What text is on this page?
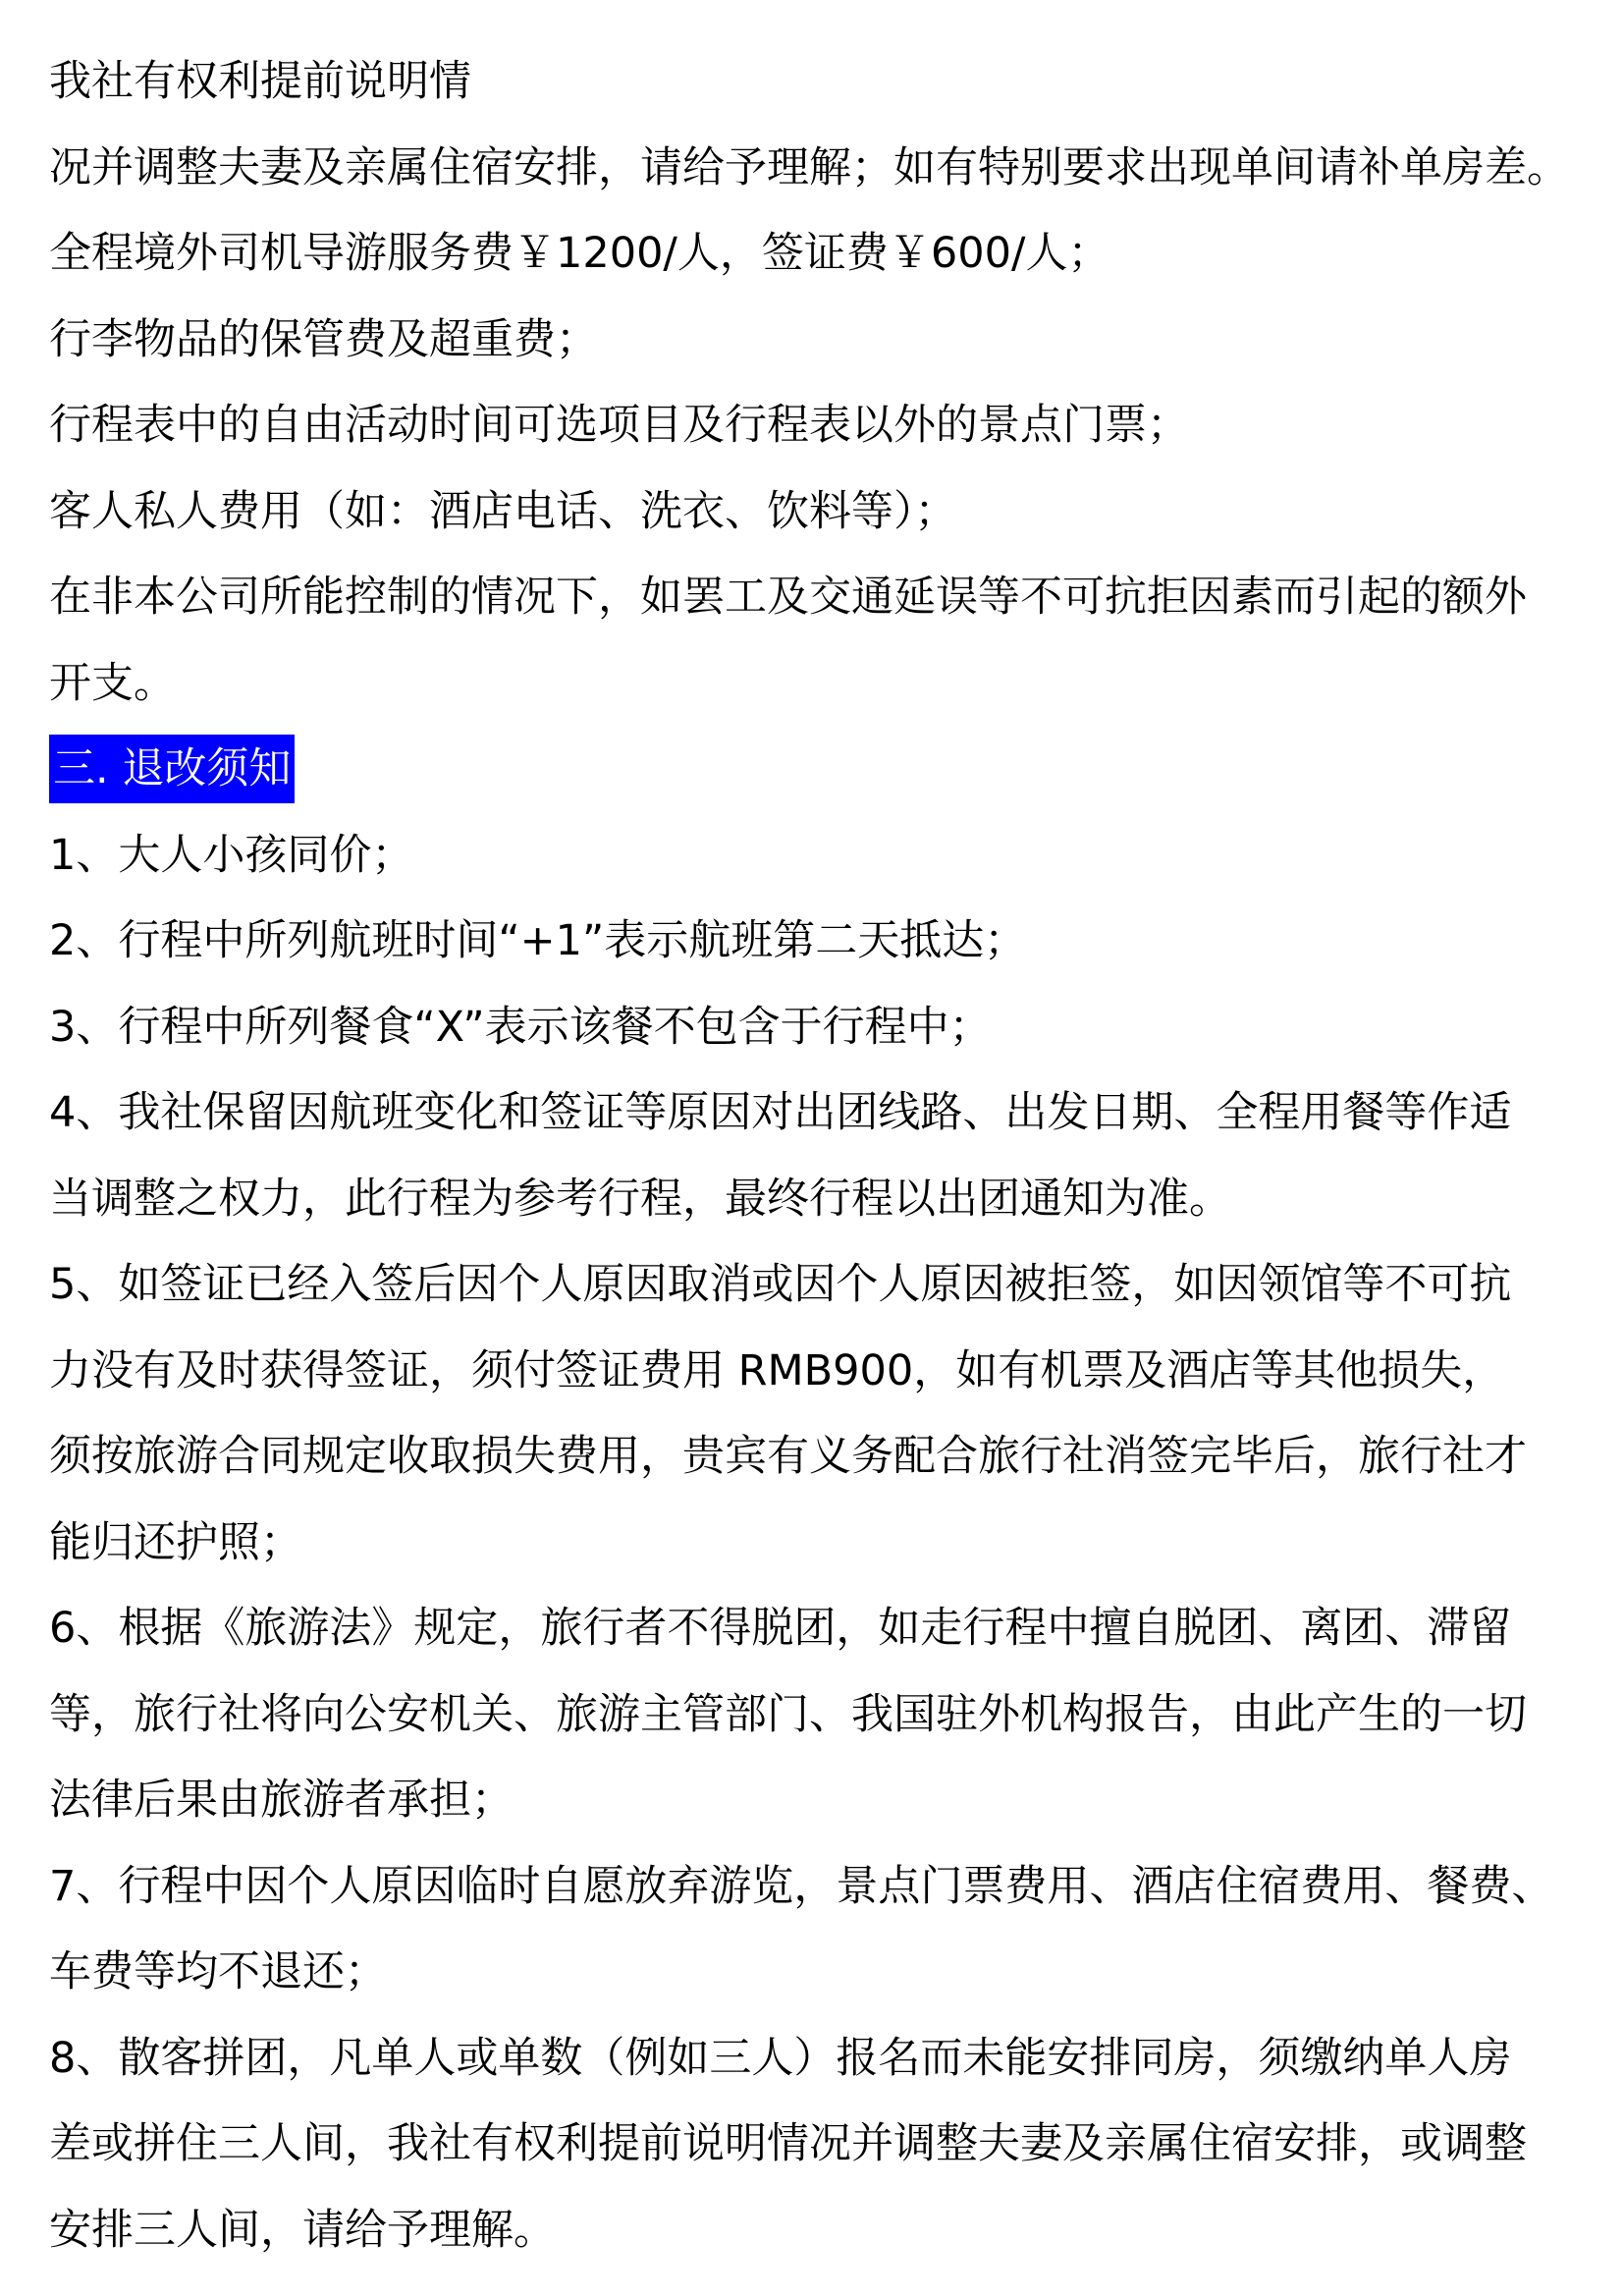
我社有权利提前说明情
况并调整夫妻及亲属住宿安排，请给予理解；如有特别要求出现单间请补单房差。
全程境外司机导游服务费￥1200/人，签证费￥600/人；
行李物品的保管费及超重费；
行程表中的自由活动时间可选项目及行程表以外的景点门票；
客人私人费用（如：酒店电话、洗衣、饮料等）；
在非本公司所能控制的情况下，如罢工及交通延误等不可抗拒因素而引起的额外
开支。
三. 退改须知
1、大人小孩同价；
2、行程中所列航班时间“+1”表示航班第二天抵达；
3、行程中所列餐食“X”表示该餐不包含于行程中；
4、我社保留因航班变化和签证等原因对出团线路、出发日期、全程用餐等作适
当调整之权力，此行程为参考行程，最终行程以出团通知为准。
5、如签证已经入签后因个人原因取消或因个人原因被拒签，如因领馆等不可抗
力没有及时获得签证，须付签证费用 RMB900，如有机票及酒店等其他损失，
须按旅游合同规定收取损失费用，贵宾有义务配合旅行社消签完毕后，旅行社才
能归还护照；
6、根据《旅游法》规定，旅行者不得脱团，如走行程中擅自脱团、离团、滞留
等，旅行社将向公安机关、旅游主管部门、我国驻外机构报告，由此产生的一切
法律后果由旅游者承担；
7、行程中因个人原因临时自愿放弃游览，景点门票费用、酒店住宿费用、餐费、
车费等均不退还；
8、散客拼团，凡单人或单数（例如三人）报名而未能安排同房，须缴纳单人房
差或拼住三人间，我社有权利提前说明情况并调整夫妻及亲属住宿安排，或调整
安排三人间，请给予理解。
